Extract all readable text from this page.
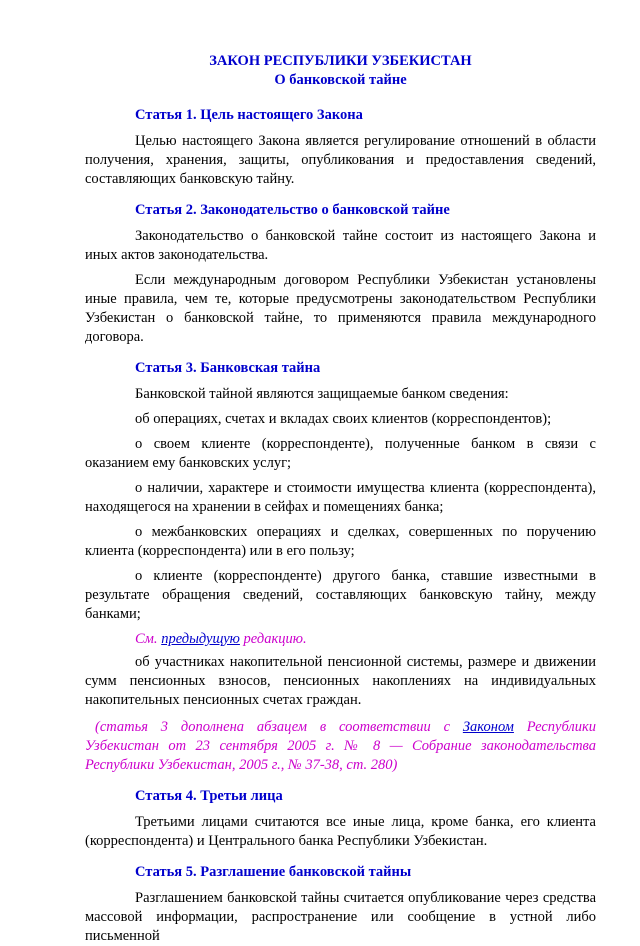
ЗАКОН РЕСПУБЛИКИ УЗБЕКИСТАН
О банковской тайне
Статья 1. Цель настоящего Закона

Целью настоящего Закона является регулирование отношений в области получения, хранения, защиты, опубликования и предоставления сведений, составляющих банковскую тайну.

Статья 2. Законодательство о банковской тайне

Законодательство о банковской тайне состоит из настоящего Закона и иных актов законодательства.

Если международным договором Республики Узбекистан установлены иные правила, чем те, которые предусмотрены законодательством Республики Узбекистан о банковской тайне, то применяются правила международного договора.

Статья 3. Банковская тайна

Банковской тайной являются защищаемые банком сведения:

об операциях, счетах и вкладах своих клиентов (корреспондентов);

о своем клиенте (корреспонденте), полученные банком в связи с оказанием ему банковских услуг;

о наличии, характере и стоимости имущества клиента (корреспондента), находящегося на хранении в сейфах и помещениях банка;

о межбанковских операциях и сделках, совершенных по поручению клиента (корреспондента) или в его пользу;

о клиенте (корреспонденте) другого банка, ставшие известными в результате обращения сведений, составляющих банковскую тайну, между банками;

См. предыдущую редакцию.

об участниках накопительной пенсионной системы, размере и движении сумм пенсионных взносов, пенсионных накоплениях на индивидуальных накопительных пенсионных счетах граждан.

(статья 3 дополнена абзацем в соответствии с Законом Республики Узбекистан от 23 сентября 2005 г. № 8 — Собрание законодательства Республики Узбекистан, 2005 г., № 37-38, ст. 280)

Статья 4. Третьи лица

Третьими лицами считаются все иные лица, кроме банка, его клиента (корреспондента) и Центрального банка Республики Узбекистан.

Статья 5. Разглашение банковской тайны

Разглашением банковской тайны считается опубликование через средства массовой информации, распространение или сообщение в устной либо письменной
